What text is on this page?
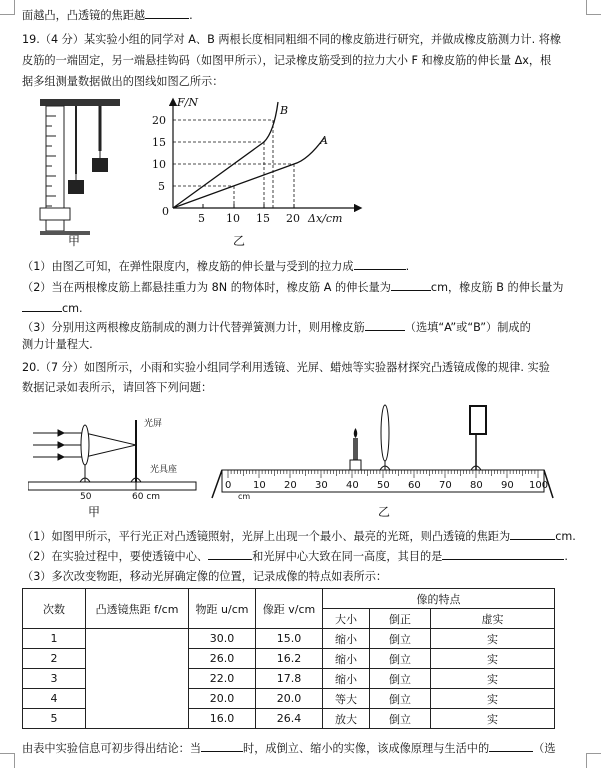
面越凸，凸透镜的焦距越	.
19.（4 分）某实验小组的同学对 A、B 两根长度相同粗细不同的橡皮筋进行研究，并做成橡皮筋测力计. 将橡
皮筋的一端固定，另一端悬挂钩码（如图甲所示），记录橡皮筋受到的拉力大小 F 和橡皮筋的伸长量 Δx，根
据多组测量数据做出的图线如图乙所示：
甲
F/N
0
5
10
15
20
5 10 15 20 Δx/cm
B
A
乙
（1）由图乙可知，在弹性限度内，橡皮筋的伸长量与受到的拉力成	.
（2）当在两根橡皮筋上都悬挂重力为 8N 的物体时，橡皮筋 A 的伸长量为	cm，橡皮筋 B 的伸长量为
cm.
（3）分别用这两根橡皮筋制成的测力计代替弹簧测力计，则用橡皮筋	（选填“A”或“B”）制成的
测力计量程大.
20.（7 分）如图所示，小雨和实验小组同学利用透镜、光屏、蜡烛等实验器材探究凸透镜成像的规律. 实验
数据记录如表所示，请回答下列问题：
光屏
光具座
50	60 cm
甲
0 10 20 30 40 50 60 70 80 90 100
cm
乙
（1）如图甲所示，平行光正对凸透镜照射，光屏上出现一个最小、最亮的光斑，则凸透镜的焦距为	cm.
（2）在实验过程中，要使透镜中心、	和光屏中心大致在同一高度，其目的是	.
（3）多次改变物距，移动光屏确定像的位置，记录成像的特点如表所示：
次数	凸透镜焦距 f/cm	物距 u/cm	像距 v/cm	像的特点		
				大小	倒正	虚实
1		30.0	15.0	缩小	倒立	实
2		26.0	16.2	缩小	倒立	实
3		22.0	17.8	缩小	倒立	实
4		20.0	20.0	等大	倒立	实
5		16.0	26.4	放大	倒立	实
由表中实验信息可初步得出结论：当	时，成倒立、缩小的实像，该成像原理与生活中的	（选
